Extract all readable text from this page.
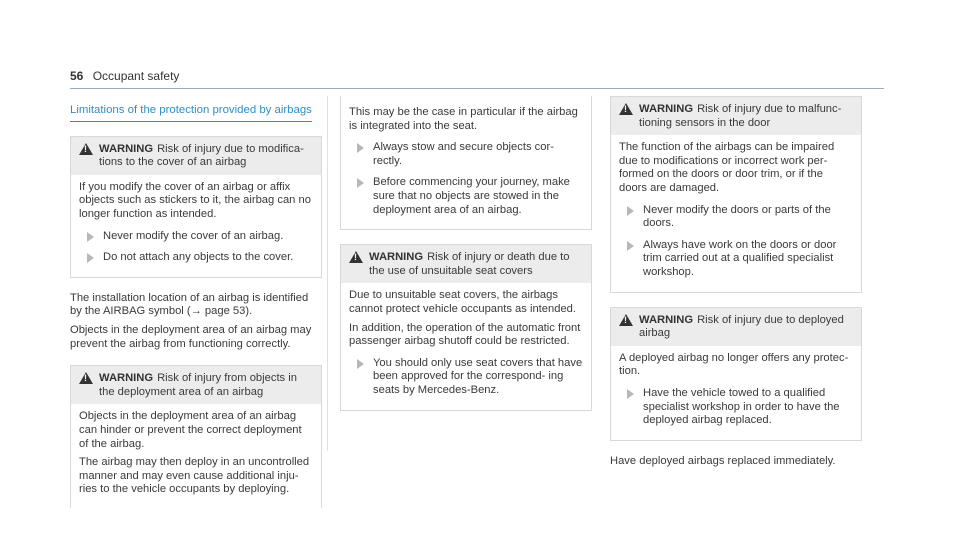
56 Occupant safety
Limitations of the protection provided by airbags
!
WARNING Risk of injury due to modifica- tions to the cover of an airbag

If you modify the cover of an airbag or affix objects such as stickers to it, the airbag can no longer function as intended.

Never modify the cover of an airbag.
Do not attach any objects to the cover.

The installation location of an airbag is identified by the AIRBAG symbol (→ page 53).

Objects in the deployment area of an airbag may prevent the airbag from functioning correctly.

!
WARNING Risk of injury from objects in the deployment area of an airbag

Objects in the deployment area of an airbag can hinder or prevent the correct deployment of the airbag.

The airbag may then deploy in an uncontrolled manner and may even cause additional inju- ries to the vehicle occupants by deploying.

This may be the case in particular if the airbag is integrated into the seat.

Always stow and secure objects cor- rectly.
Before commencing your journey, make sure that no objects are stowed in the deployment area of an airbag.
!
WARNING Risk of injury or death due to the use of unsuitable seat covers

Due to unsuitable seat covers, the airbags cannot protect vehicle occupants as intended.

In addition, the operation of the automatic front passenger airbag shutoff could be restricted.

You should only use seat covers that have been approved for the correspond- ing seats by Mercedes-Benz.
!
WARNING Risk of injury due to malfunc- tioning sensors in the door

The function of the airbags can be impaired due to modifications or incorrect work per- formed on the doors or door trim, or if the doors are damaged.

Never modify the doors or parts of the doors.
Always have work on the doors or door trim carried out at a qualified specialist workshop.
!
WARNING Risk of injury due to deployed airbag

A deployed airbag no longer offers any protec- tion.

Have the vehicle towed to a qualified specialist workshop in order to have the deployed airbag replaced.

Have deployed airbags replaced immediately.
